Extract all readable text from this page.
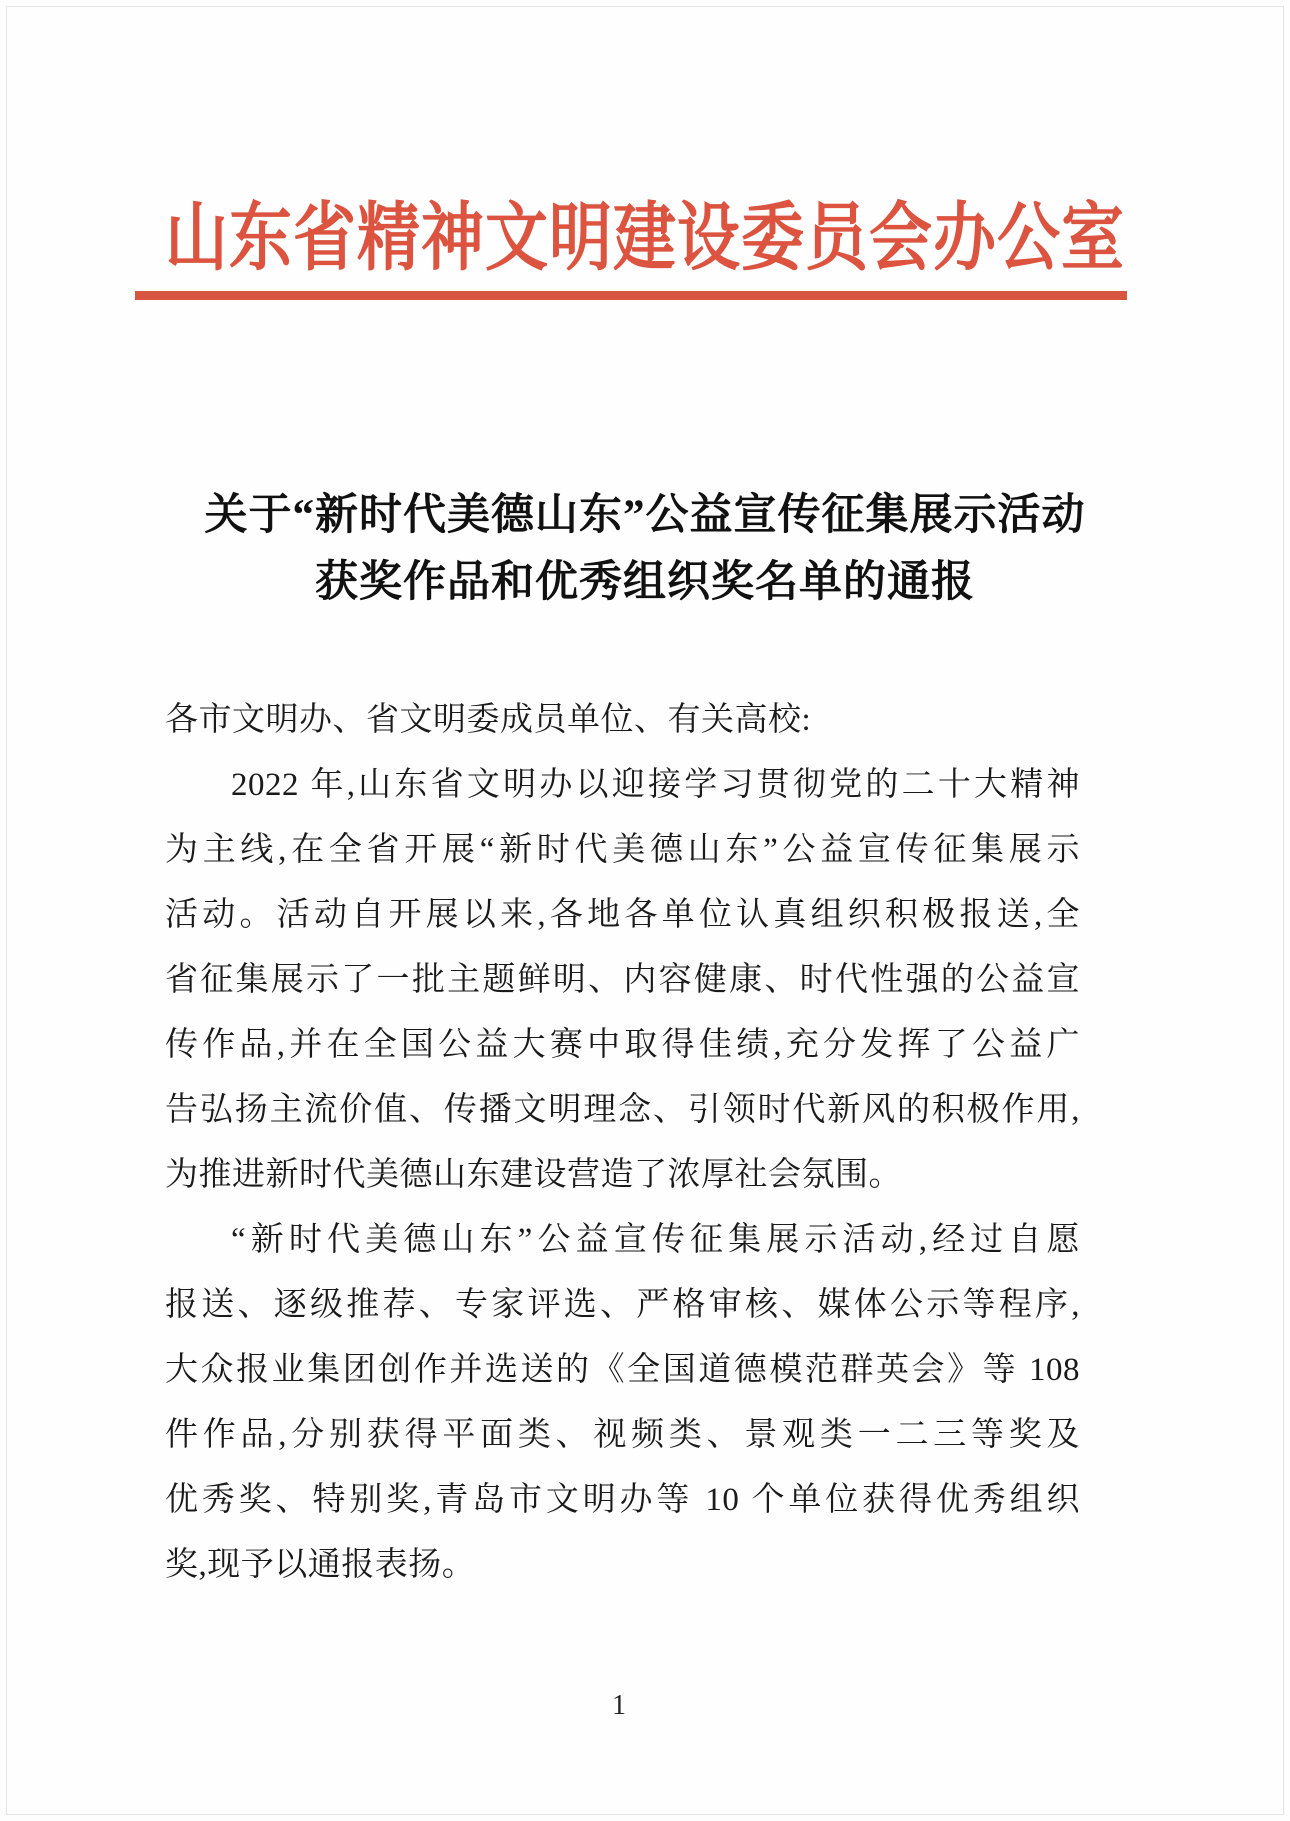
山东省精神文明建设委员会办公室
关于“新时代美德山东”公益宣传征集展示活动
获奖作品和优秀组织奖名单的通报
各市文明办、省文明委成员单位、有关高校:
2022 年,山东省文明办以迎接学习贯彻党的二十大精神
为主线,在全省开展“新时代美德山东”公益宣传征集展示
活动。活动自开展以来,各地各单位认真组织积极报送,全
省征集展示了一批主题鲜明、内容健康、时代性强的公益宣
传作品,并在全国公益大赛中取得佳绩,充分发挥了公益广
告弘扬主流价值、传播文明理念、引领时代新风的积极作用,
为推进新时代美德山东建设营造了浓厚社会氛围。
“新时代美德山东”公益宣传征集展示活动,经过自愿
报送、逐级推荐、专家评选、严格审核、媒体公示等程序,
大众报业集团创作并选送的《全国道德模范群英会》等 108
件作品,分别获得平面类、视频类、景观类一二三等奖及
优秀奖、特别奖,青岛市文明办等 10 个单位获得优秀组织
奖,现予以通报表扬。
1
